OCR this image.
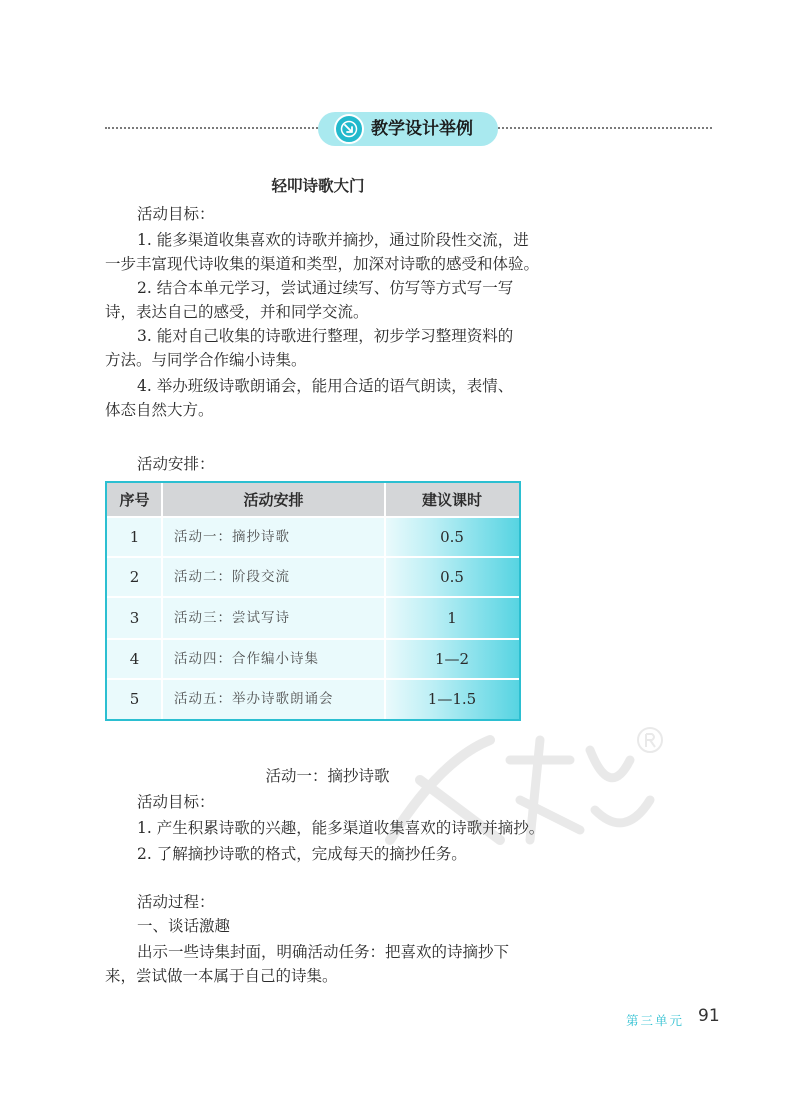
教学设计举例
轻叩诗歌大门
活动目标：
1. 能多渠道收集喜欢的诗歌并摘抄，通过阶段性交流，进
一步丰富现代诗收集的渠道和类型，加深对诗歌的感受和体验。
2. 结合本单元学习，尝试通过续写、仿写等方式写一写
诗，表达自己的感受，并和同学交流。
3. 能对自己收集的诗歌进行整理，初步学习整理资料的
方法。与同学合作编小诗集。
4. 举办班级诗歌朗诵会，能用合适的语气朗读，表情、
体态自然大方。
活动安排：
序号	活动安排	建议课时
1	活动一：摘抄诗歌	0.5
2	活动二：阶段交流	0.5
3	活动三：尝试写诗	1
4	活动四：合作编小诗集	1—2
5	活动五：举办诗歌朗诵会	1—1.5
活动一：摘抄诗歌
活动目标：
1. 产生积累诗歌的兴趣，能多渠道收集喜欢的诗歌并摘抄。
2. 了解摘抄诗歌的格式，完成每天的摘抄任务。
活动过程：
一、谈话激趣
出示一些诗集封面，明确活动任务：把喜欢的诗摘抄下
来，尝试做一本属于自己的诗集。
第三单元 91
